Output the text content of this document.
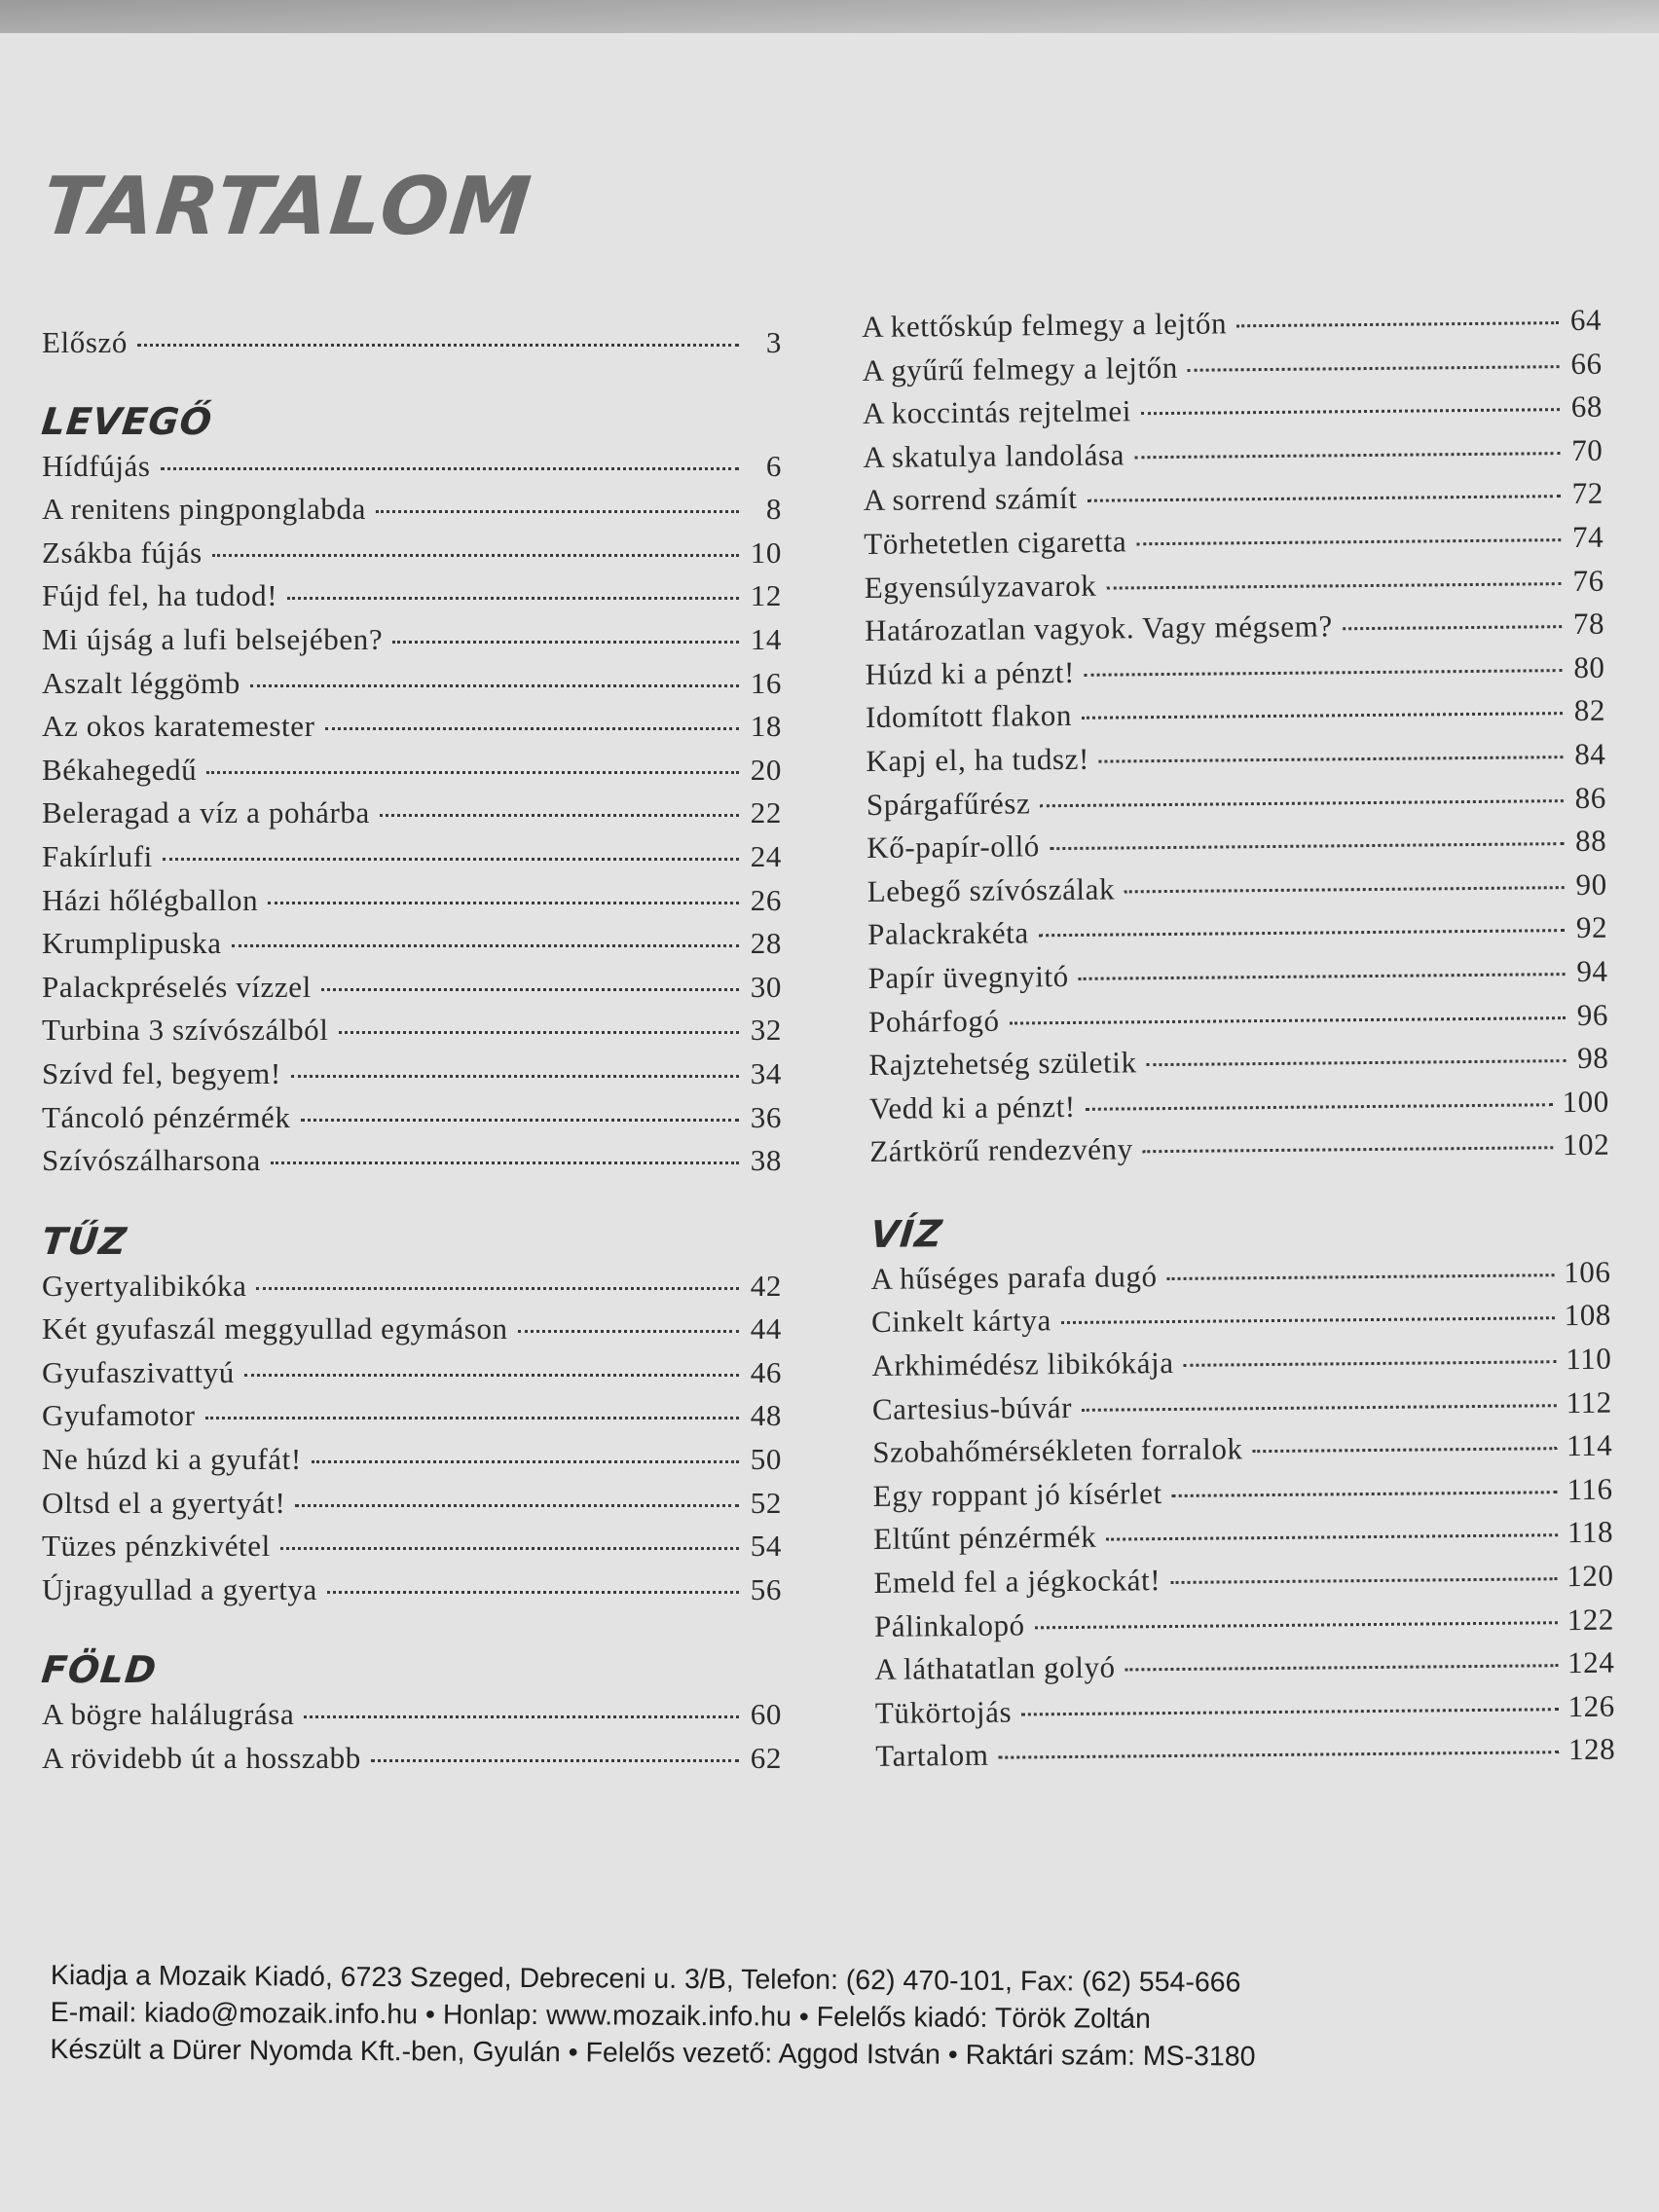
TARTALOM
Előszó	3
LEVEGŐ
Hídfújás	6
A renitens pingponglabda	8
Zsákba fújás	10
Fújd fel, ha tudod!	12
Mi újság a lufi belsejében?	14
Aszalt léggömb	16
Az okos karatemester	18
Békahegedű	20
Beleragad a víz a pohárba	22
Fakírlufi	24
Házi hőlégballon	26
Krumplipuska	28
Palackpréselés vízzel	30
Turbina 3 szívószálból	32
Szívd fel, begyem!	34
Táncoló pénzérmék	36
Szívószálharsona	38
TŰZ
Gyertyalibikóka	42
Két gyufaszál meggyullad egymáson	44
Gyufaszivattyú	46
Gyufamotor	48
Ne húzd ki a gyufát!	50
Oltsd el a gyertyát!	52
Tüzes pénzkivétel	54
Újragyullad a gyertya	56
FÖLD
A bögre halálugrása	60
A rövidebb út a hosszabb	62
A kettőskúp felmegy a lejtőn	64
A gyűrű felmegy a lejtőn	66
A koccintás rejtelmei	68
A skatulya landolása	70
A sorrend számít	72
Törhetetlen cigaretta	74
Egyensúlyzavarok	76
Határozatlan vagyok. Vagy mégsem?	78
Húzd ki a pénzt!	80
Idomított flakon	82
Kapj el, ha tudsz!	84
Spárgafűrész	86
Kő-papír-olló	88
Lebegő szívószálak	90
Palackrakéta	92
Papír üvegnyitó	94
Pohárfogó	96
Rajztehetség születik	98
Vedd ki a pénzt!	100
Zártkörű rendezvény	102
VÍZ
A hűséges parafa dugó	106
Cinkelt kártya	108
Arkhimédész libikókája	110
Cartesius-búvár	112
Szobahőmérsékleten forralok	114
Egy roppant jó kísérlet	116
Eltűnt pénzérmék	118
Emeld fel a jégkockát!	120
Pálinkalopó	122
A láthatatlan golyó	124
Tükörtojás	126
Tartalom	128
Kiadja a Mozaik Kiadó, 6723 Szeged, Debreceni u. 3/B, Telefon: (62) 470-101, Fax: (62) 554-666
E-mail: kiado@mozaik.info.hu • Honlap: www.mozaik.info.hu • Felelős kiadó: Török Zoltán
Készült a Dürer Nyomda Kft.-ben, Gyulán • Felelős vezető: Aggod István • Raktári szám: MS-3180
